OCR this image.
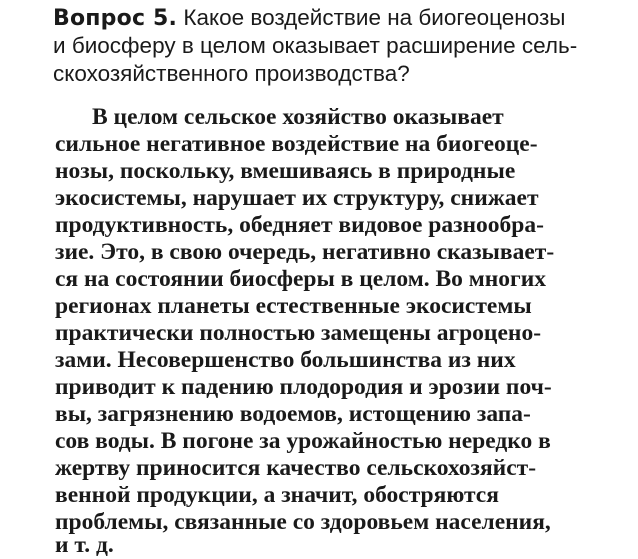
Вопрос 5. Какое воздействие на биогеоценозы
и биосферу в целом оказывает расширение сель-
скохозяйственного производства?
В целом сельское хозяйство оказывает
сильное негативное воздействие на биогеоце-
нозы, поскольку, вмешиваясь в природные
экосистемы, нарушает их структуру, снижает
продуктивность, обедняет видовое разнообра-
зие. Это, в свою очередь, негативно сказывает-
ся на состоянии биосферы в целом. Во многих
регионах планеты естественные экосистемы
практически полностью замещены агроцено-
зами. Несовершенство большинства из них
приводит к падению плодородия и эрозии поч-
вы, загрязнению водоемов, истощению запа-
сов воды. В погоне за урожайностью нередко в
жертву приносится качество сельскохозяйст-
венной продукции, а значит, обостряются
проблемы, связанные со здоровьем населения,
и т. д.
